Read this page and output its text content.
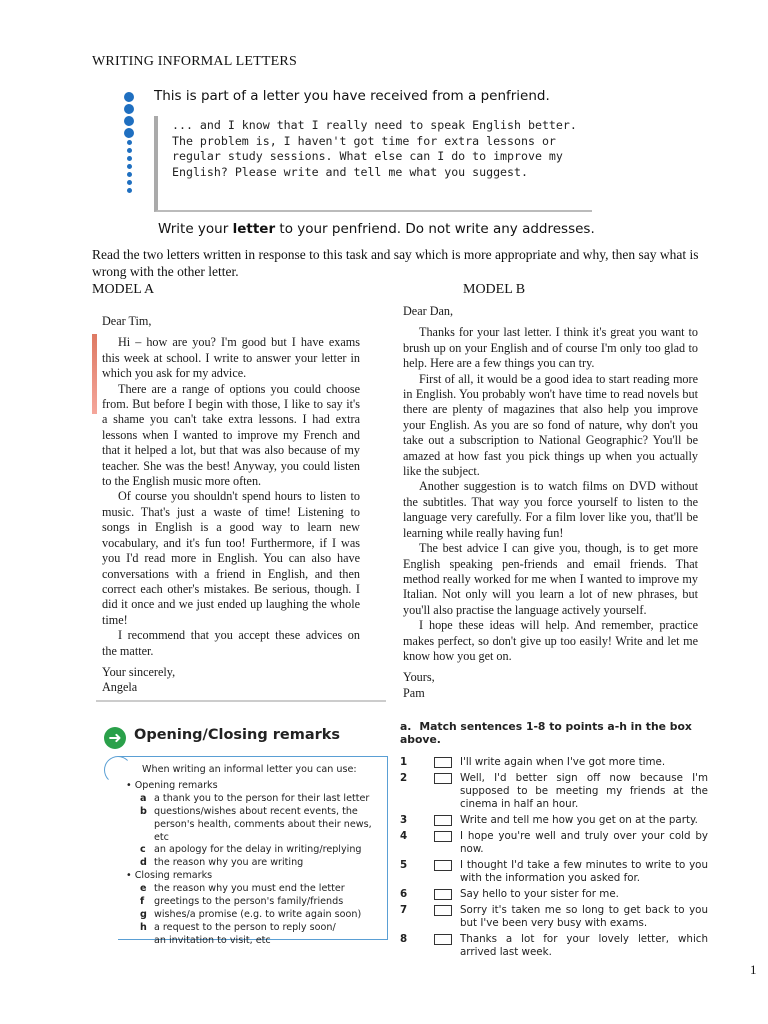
WRITING INFORMAL LETTERS
This is part of a letter you have received from a penfriend.
... and I know that I really need to speak English better. The problem is, I haven't got time for extra lessons or regular study sessions. What else can I do to improve my English? Please write and tell me what you suggest.
Write your letter to your penfriend. Do not write any addresses.
Read the two letters written in response to this task and say which is more appropriate and why, then say what is wrong with the other letter.
MODEL A	MODEL B

Dear Tim,

Hi – how are you? I'm good but I have exams this week at school. I write to answer your letter in which you ask for my advice.

There are a range of options you could choose from. But before I begin with those, I like to say it's a shame you can't take extra lessons. I had extra lessons when I wanted to improve my French and that it helped a lot, but that was also because of my teacher. She was the best! Anyway, you could listen to the English music more often.

Of course you shouldn't spend hours to listen to music. That's just a waste of time! Listening to songs in English is a good way to learn new vocabulary, and it's fun too! Furthermore, if I was you I'd read more in English. You can also have conversations with a friend in English, and then correct each other's mistakes. Be serious, though. I did it once and we just ended up laughing the whole time!

I recommend that you accept these advices on the matter.

Your sincerely,

Angela

Dear Dan,

Thanks for your last letter. I think it's great you want to brush up on your English and of course I'm only too glad to help. Here are a few things you can try.

First of all, it would be a good idea to start reading more in English. You probably won't have time to read novels but there are plenty of magazines that also help you improve your English. As you are so fond of nature, why don't you take out a subscription to National Geographic? You'll be amazed at how fast you pick things up when you actually like the subject.

Another suggestion is to watch films on DVD without the subtitles. That way you force yourself to listen to the language very carefully. For a film lover like you, that'll be learning while really having fun!

The best advice I can give you, though, is to get more English speaking pen-friends and email friends. That method really worked for me when I wanted to improve my Italian. Not only will you learn a lot of new phrases, but you'll also practise the language actively yourself.

I hope these ideas will help. And remember, practice makes perfect, so don't give up too easily! Write and let me know how you get on.

Yours,

Pam

➜ Opening/Closing remarks
When writing an informal letter you can use:
• Opening remarks
a a thank you to the person for their last letter
b questions/wishes about recent events, the person's health, comments about their news, etc
c an apology for the delay in writing/replying
d the reason why you are writing
• Closing remarks
e the reason why you must end the letter
f	greetings to the person's family/friends
g wishes/a promise (e.g. to write again soon)
h a request to the person to reply soon/
an invitation to visit, etc
a. Match sentences 1-8 to points a-h in the box above.
1	I'll write again when I've got more time.
2	Well, I'd better sign off now because I'm supposed to be meeting my friends at the cinema in half an hour.
3	Write and tell me how you get on at the party.
4	I hope you're well and truly over your cold by now.
5	I thought I'd take a few minutes to write to you with the information you asked for.
6	Say hello to your sister for me.
7	Sorry it's taken me so long to get back to you but I've been very busy with exams.
8	Thanks a lot for your lovely letter, which arrived last week.
1
